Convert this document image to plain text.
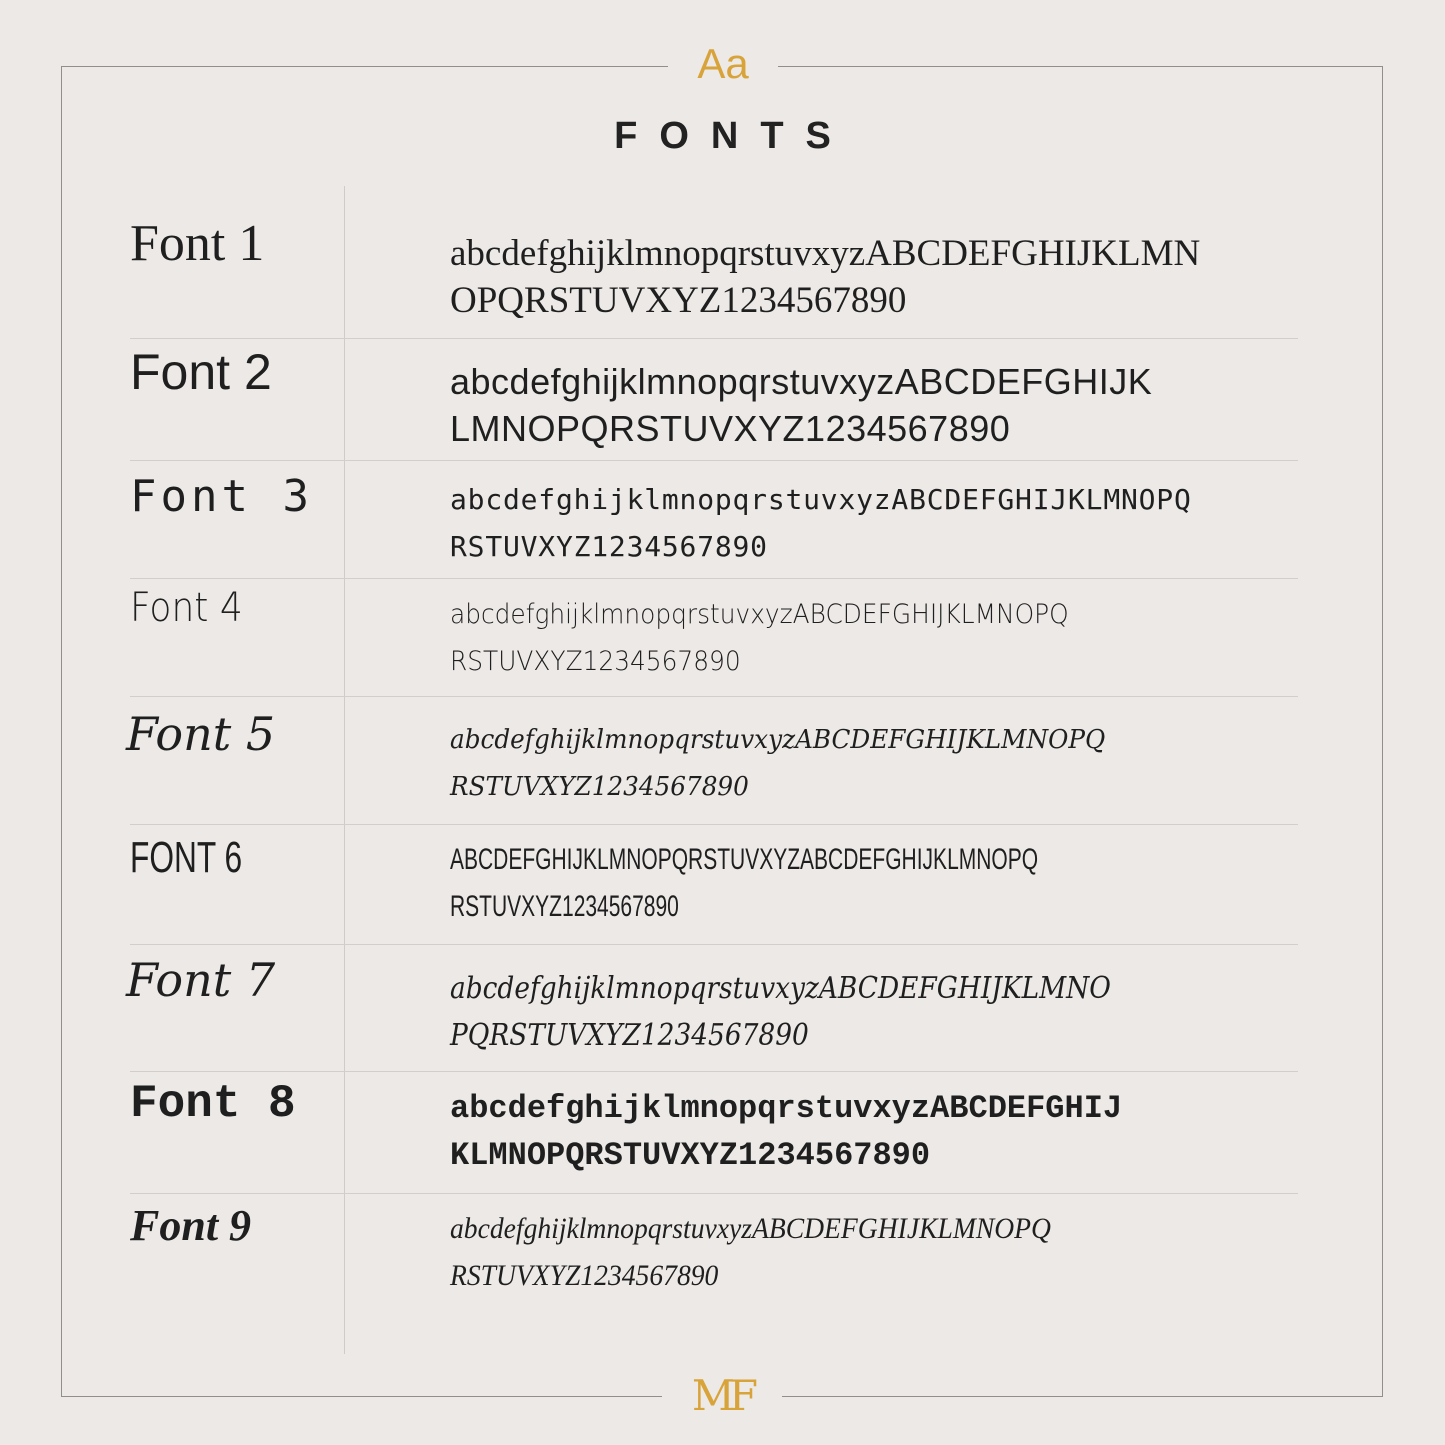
Aa
FONTS
Font 1	abcdefghijklmnopqrstuvxyzABCDEFGHIJKLMN
OPQRSTUVXYZ1234567890
Font 2	abcdefghijklmnopqrstuvxyzABCDEFGHIJK
LMNOPQRSTUVXYZ1234567890
Font 3	abcdefghijklmnopqrstuvxyzABCDEFGHIJKLMNOPQ
RSTUVXYZ1234567890
Font 4	abcdefghijklmnopqrstuvxyzABCDEFGHIJKLMNOPQ
RSTUVXYZ1234567890
Font 5	abcdefghijklmnopqrstuvxyzABCDEFGHIJKLMNOPQ
RSTUVXYZ1234567890
FONT 6	ABCDEFGHIJKLMNOPQRSTUVXYZABCDEFGHIJKLMNOPQ
RSTUVXYZ1234567890
Font 7	abcdefghijklmnopqrstuvxyzABCDEFGHIJKLMNO
PQRSTUVXYZ1234567890
Font 8	abcdefghijklmnopqrstuvxyzABCDEFGHIJ
KLMNOPQRSTUVXYZ1234567890
Font 9	abcdefghijklmnopqrstuvxyzABCDEFGHIJKLMNOPQ
RSTUVXYZ1234567890
MF
